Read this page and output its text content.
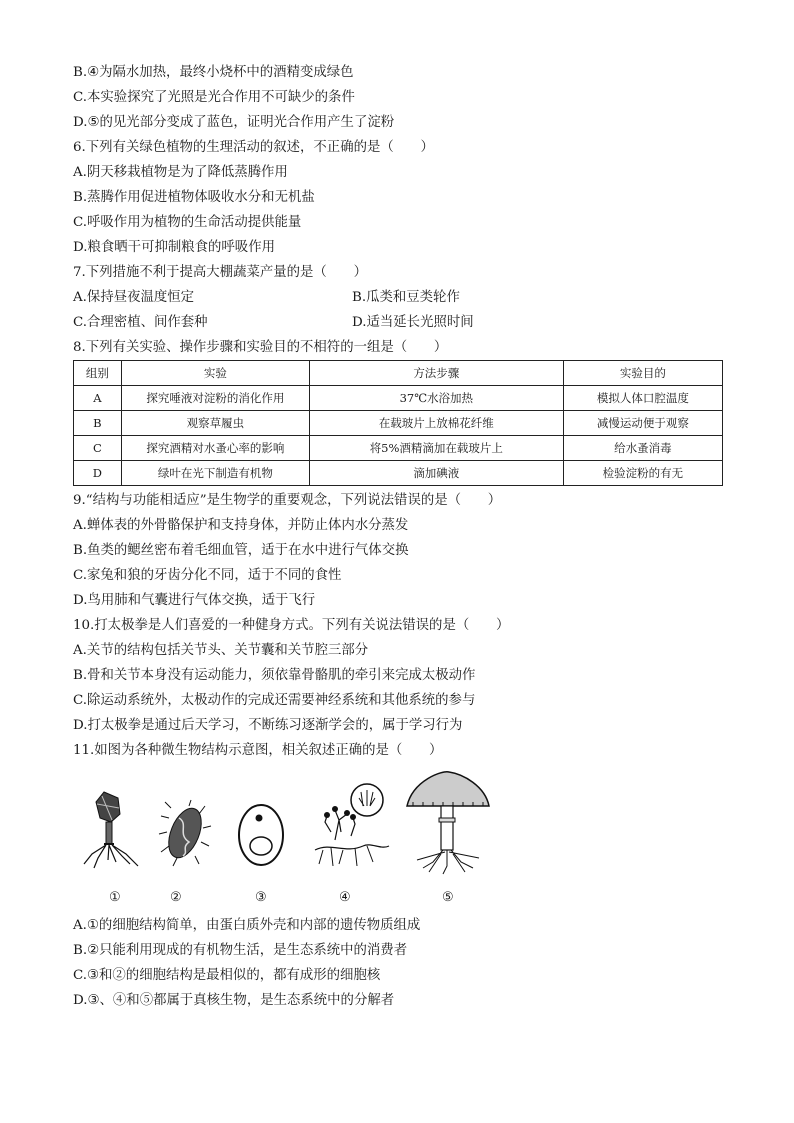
B.④为隔水加热，最终小烧杯中的酒精变成绿色
C.本实验探究了光照是光合作用不可缺少的条件
D.⑤的见光部分变成了蓝色，证明光合作用产生了淀粉
6.下列有关绿色植物的生理活动的叙述，不正确的是（　　）
A.阴天移栽植物是为了降低蒸腾作用
B.蒸腾作用促进植物体吸收水分和无机盐
C.呼吸作用为植物的生命活动提供能量
D.粮食晒干可抑制粮食的呼吸作用
7.下列措施不利于提高大棚蔬菜产量的是（　　）
A.保持昼夜温度恒定	B.瓜类和豆类轮作
C.合理密植、间作套种	D.适当延长光照时间
8.下列有关实验、操作步骤和实验目的不相符的一组是（　　）
组别	实验	方法步骤	实验目的
A	探究唾液对淀粉的消化作用	37℃水浴加热	模拟人体口腔温度
B	观察草履虫	在载玻片上放棉花纤维	减慢运动便于观察
C	探究酒精对水蚤心率的影响	将5%酒精滴加在载玻片上	给水蚤消毒
D	绿叶在光下制造有机物	滴加碘液	检验淀粉的有无
9.“结构与功能相适应”是生物学的重要观念，下列说法错误的是（　　）
A.蝉体表的外骨骼保护和支持身体，并防止体内水分蒸发
B.鱼类的鳃丝密布着毛细血管，适于在水中进行气体交换
C.家兔和狼的牙齿分化不同，适于不同的食性
D.鸟用肺和气囊进行气体交换，适于飞行
10.打太极拳是人们喜爱的一种健身方式。下列有关说法错误的是（　　）
A.关节的结构包括关节头、关节囊和关节腔三部分
B.骨和关节本身没有运动能力，须依靠骨骼肌的牵引来完成太极动作
C.除运动系统外，太极动作的完成还需要神经系统和其他系统的参与
D.打太极拳是通过后天学习，不断练习逐渐学会的，属于学习行为
11.如图为各种微生物结构示意图，相关叙述正确的是（　　）
①	②	③	④	⑤
A.①的细胞结构简单，由蛋白质外壳和内部的遗传物质组成
B.②只能利用现成的有机物生活，是生态系统中的消费者
C.③和②的细胞结构是最相似的，都有成形的细胞核
D.③、④和⑤都属于真核生物，是生态系统中的分解者
